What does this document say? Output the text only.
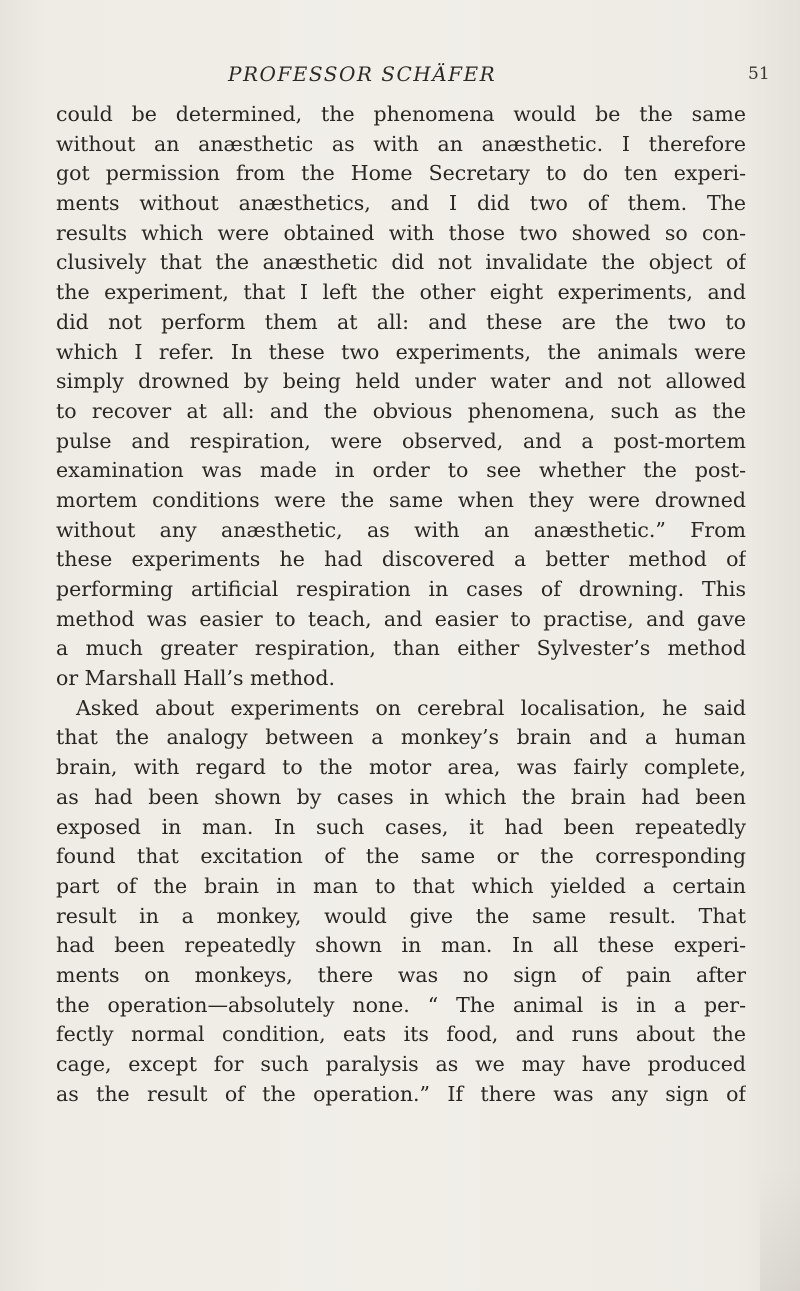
PROFESSOR SCHÄFER	51
could be determined, the phenomena would be the same
without an anæsthetic as with an anæsthetic. I therefore
got permission from the Home Secretary to do ten experi-
ments without anæsthetics, and I did two of them. The
results which were obtained with those two showed so con-
clusively that the anæsthetic did not invalidate the object of
the experiment, that I left the other eight experiments, and
did not perform them at all: and these are the two to
which I refer. In these two experiments, the animals were
simply drowned by being held under water and not allowed
to recover at all: and the obvious phenomena, such as the
pulse and respiration, were observed, and a post-mortem
examination was made in order to see whether the post-
mortem conditions were the same when they were drowned
without any anæsthetic, as with an anæsthetic.” From
these experiments he had discovered a better method of
performing artificial respiration in cases of drowning. This
method was easier to teach, and easier to practise, and gave
a much greater respiration, than either Sylvester’s method
or Marshall Hall’s method.
Asked about experiments on cerebral localisation, he said
that the analogy between a monkey’s brain and a human
brain, with regard to the motor area, was fairly complete,
as had been shown by cases in which the brain had been
exposed in man. In such cases, it had been repeatedly
found that excitation of the same or the corresponding
part of the brain in man to that which yielded a certain
result in a monkey, would give the same result. That
had been repeatedly shown in man. In all these experi-
ments on monkeys, there was no sign of pain after
the operation—absolutely none. “ The animal is in a per-
fectly normal condition, eats its food, and runs about the
cage, except for such paralysis as we may have produced
as the result of the operation.” If there was any sign of
